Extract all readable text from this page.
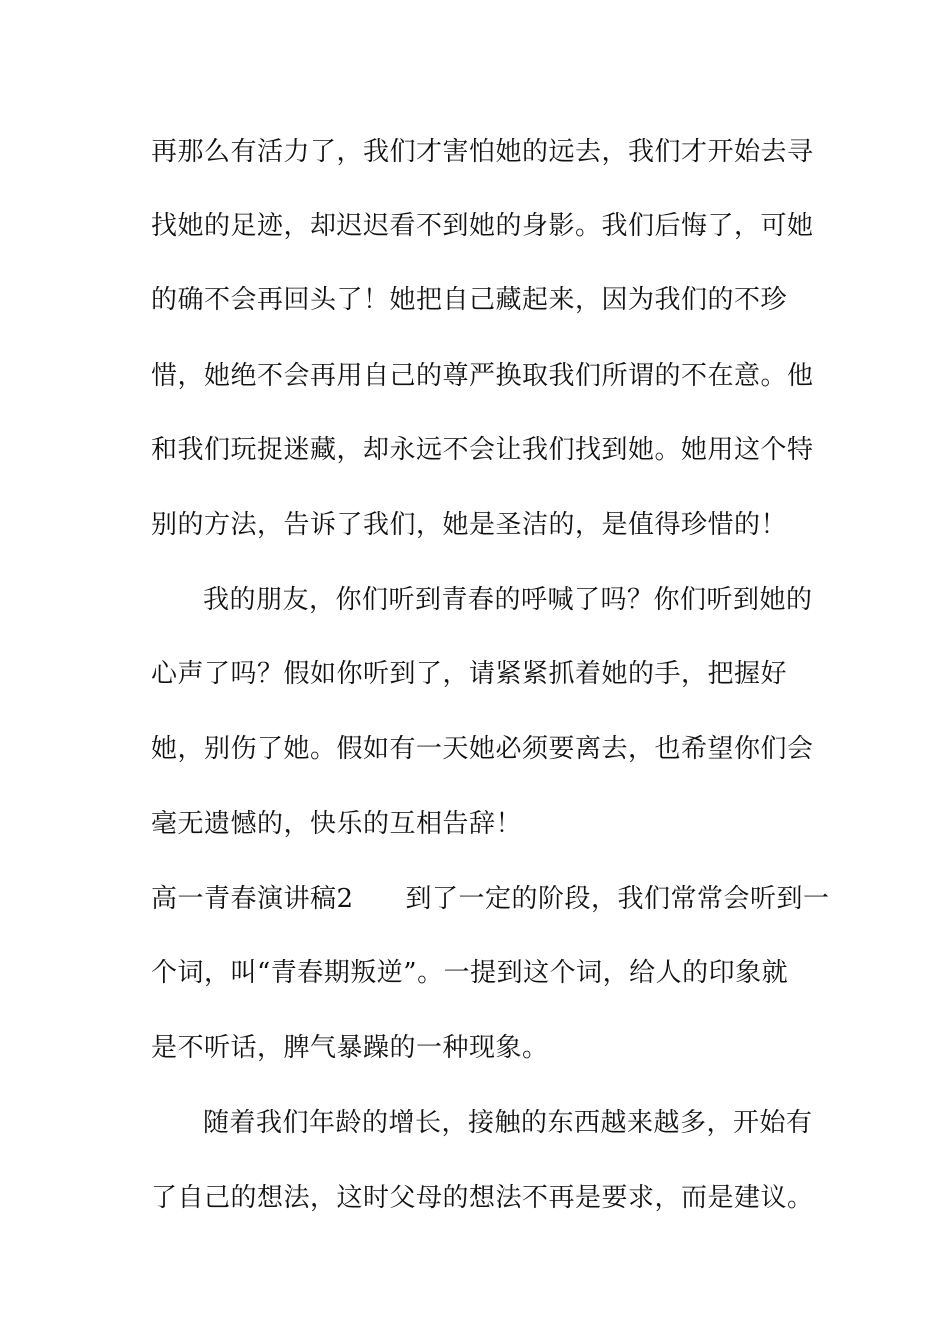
再那么有活力了，我们才害怕她的远去，我们才开始去寻
找她的足迹，却迟迟看不到她的身影。我们后悔了，可她
的确不会再回头了！她把自己藏起来，因为我们的不珍
惜，她绝不会再用自己的尊严换取我们所谓的不在意。他
和我们玩捉迷藏，却永远不会让我们找到她。她用这个特
别的方法，告诉了我们，她是圣洁的，是值得珍惜的！
我的朋友，你们听到青春的呼喊了吗？你们听到她的
心声了吗？假如你听到了，请紧紧抓着她的手，把握好
她，别伤了她。假如有一天她必须要离去，也希望你们会
毫无遗憾的，快乐的互相告辞！
高一青春演讲稿2 到了一定的阶段，我们常常会听到一
个词，叫“青春期叛逆”。一提到这个词，给人的印象就
是不听话，脾气暴躁的一种现象。
随着我们年龄的增长，接触的东西越来越多，开始有
了自己的想法，这时父母的想法不再是要求，而是建议。
